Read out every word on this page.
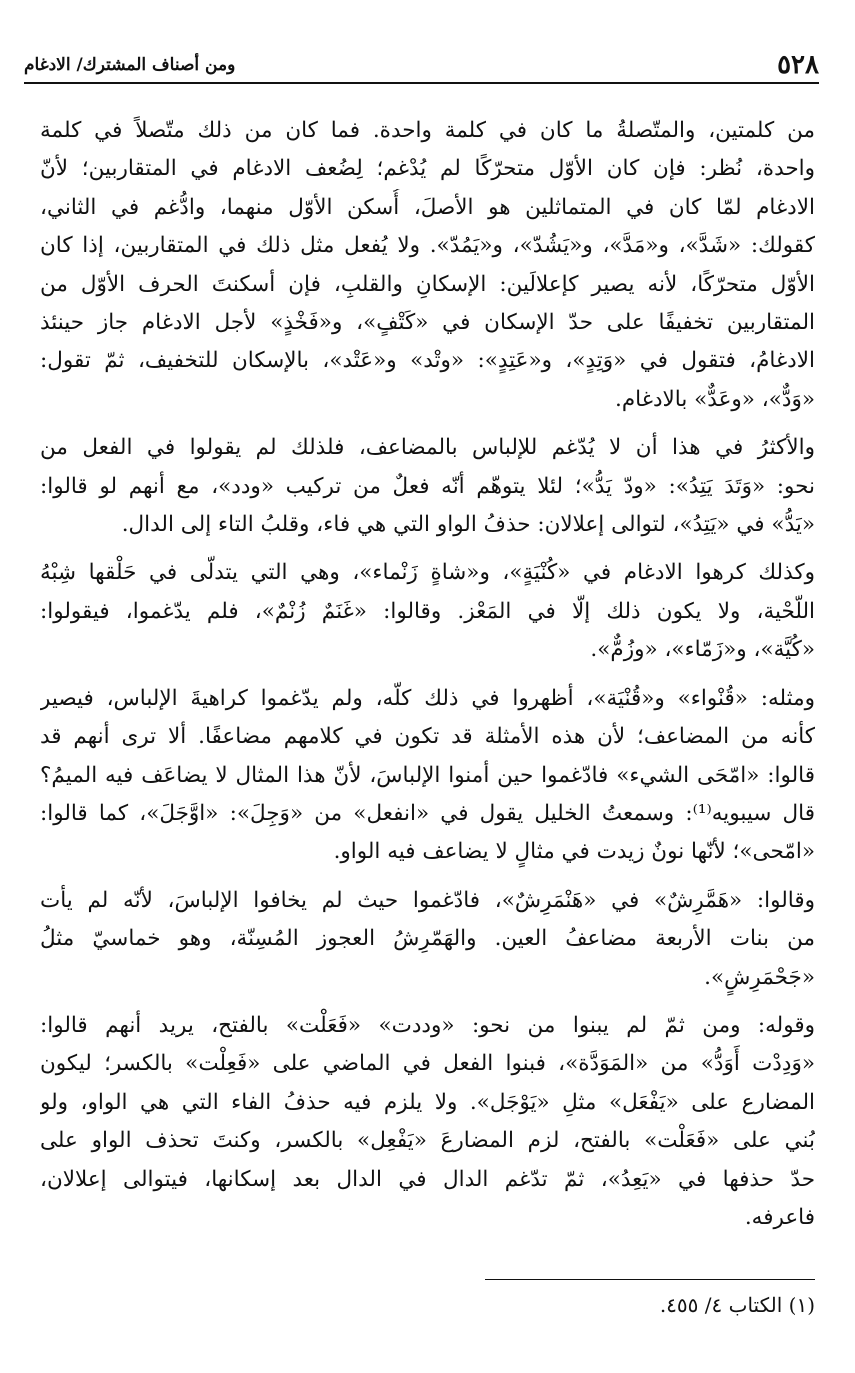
٥٢٨
ومن أصناف المشترك/ الادغام

من كلمتين، والمتّصلةُ ما كان في كلمة واحدة. فما كان من ذلك متّصلاً في كلمة
واحدة، نُظر: فإن كان الأوّل متحرّكًا لم يُدْغم؛ لِضُعف الادغام في المتقاربين؛ لأنّ
الادغام لمّا كان في المتماثلين هو الأصلَ، أُسكن الأوّل منهما، وادُّغم في الثاني،
كقولك: «شَدَّ»، و«مَدَّ»، و«يَشُدّ»، و«يَمُدّ». ولا يُفعل مثل ذلك في المتقاربين، إذا كان
الأوّل متحرّكًا، لأنه يصير كإعلالَين: الإسكانِ والقلبِ، فإن أسكنتَ الحرف الأوّل من
المتقاربين تخفيفًا على حدّ الإسكان في «كَتْفٍ»، و«فَخْذٍ» لأجل الادغام جاز حينئذ
الادغامُ، فتقول في «وَتِدٍ»، و«عَتِدٍ»: «وتْد» و«عَتْد»، بالإسكان للتخفيف، ثمّ تقول:
«وَدٌّ»، «وعَدٌّ» بالادغام.

والأكثرُ في هذا أن لا يُدّغم للإلباس بالمضاعف، فلذلك لم يقولوا في الفعل من
نحو: «وَتَدَ يَتِدُ»: «ودّ يَدُّ»؛ لئلا يتوهّم أنّه فعلٌ من تركيب «ودد»، مع أنهم لو قالوا:
«يَدُّ» في «يَتِدُ»، لتوالى إعلالان: حذفُ الواو التي هي فاء، وقلبُ التاء إلى الدال.

وكذلك كرهوا الادغام في «كُنْيَةٍ»، و«شاةٍ زَنْماء»، وهي التي يتدلّى في حَلْقها شِبْهُ
اللّحْية، ولا يكون ذلك إلّا في المَعْز. وقالوا: «غَنَمٌ زُنْمٌ»، فلم يدّغموا، فيقولوا:
«كُيَّة»، و«زَمّاء»، «وزُمٌّ».

ومثله: «قُنْواء» و«قُنْيَة»، أظهروا في ذلك كلّه، ولم يدّغموا كراهيةَ الإلباس، فيصير
كأنه من المضاعف؛ لأن هذه الأمثلة قد تكون في كلامهم مضاعفًا. ألا ترى أنهم قد
قالوا: «امّحَى الشيء» فادّغموا حين أمنوا الإلباسَ، لأنّ هذا المثال لا يضاعَف فيه الميمُ؟
قال سيبويه⁽¹⁾: وسمعتُ الخليل يقول في «انفعل» من «وَجِلَ»: «اوَّجَلَ»، كما قالوا:
«امّحى»؛ لأنّها نونٌ زيدت في مثالٍ لا يضاعف فيه الواو.

وقالوا: «هَمَّرِشٌ» في «هَنْمَرِشٌ»، فادّغموا حيث لم يخافوا الإلباسَ، لأنّه لم يأت
من بنات الأربعة مضاعفُ العين. والهَمّرِشُ العجوز المُسِنّة، وهو خماسيّ مثلُ
«جَحْمَرِشٍ».

وقوله: ومن ثمّ لم يبنوا من نحو: «وددت» «فَعَلْت» بالفتح، يريد أنهم قالوا:
«وَدِدْت أَوَدُّ» من «المَوَدَّة»، فبنوا الفعل في الماضي على «فَعِلْت» بالكسر؛ ليكون
المضارع على «يَفْعَل» مثلِ «يَوْجَل». ولا يلزم فيه حذفُ الفاء التي هي الواو، ولو
بُني على «فَعَلْت» بالفتح، لزم المضارعَ «يَفْعِل» بالكسر، وكنتَ تحذف الواو على
حدّ حذفها في «يَعِدُ»، ثمّ تدّغم الدال في الدال بعد إسكانها، فيتوالى إعلالان،
فاعرفه.

(١) الكتاب ٤/ ٤٥٥.
